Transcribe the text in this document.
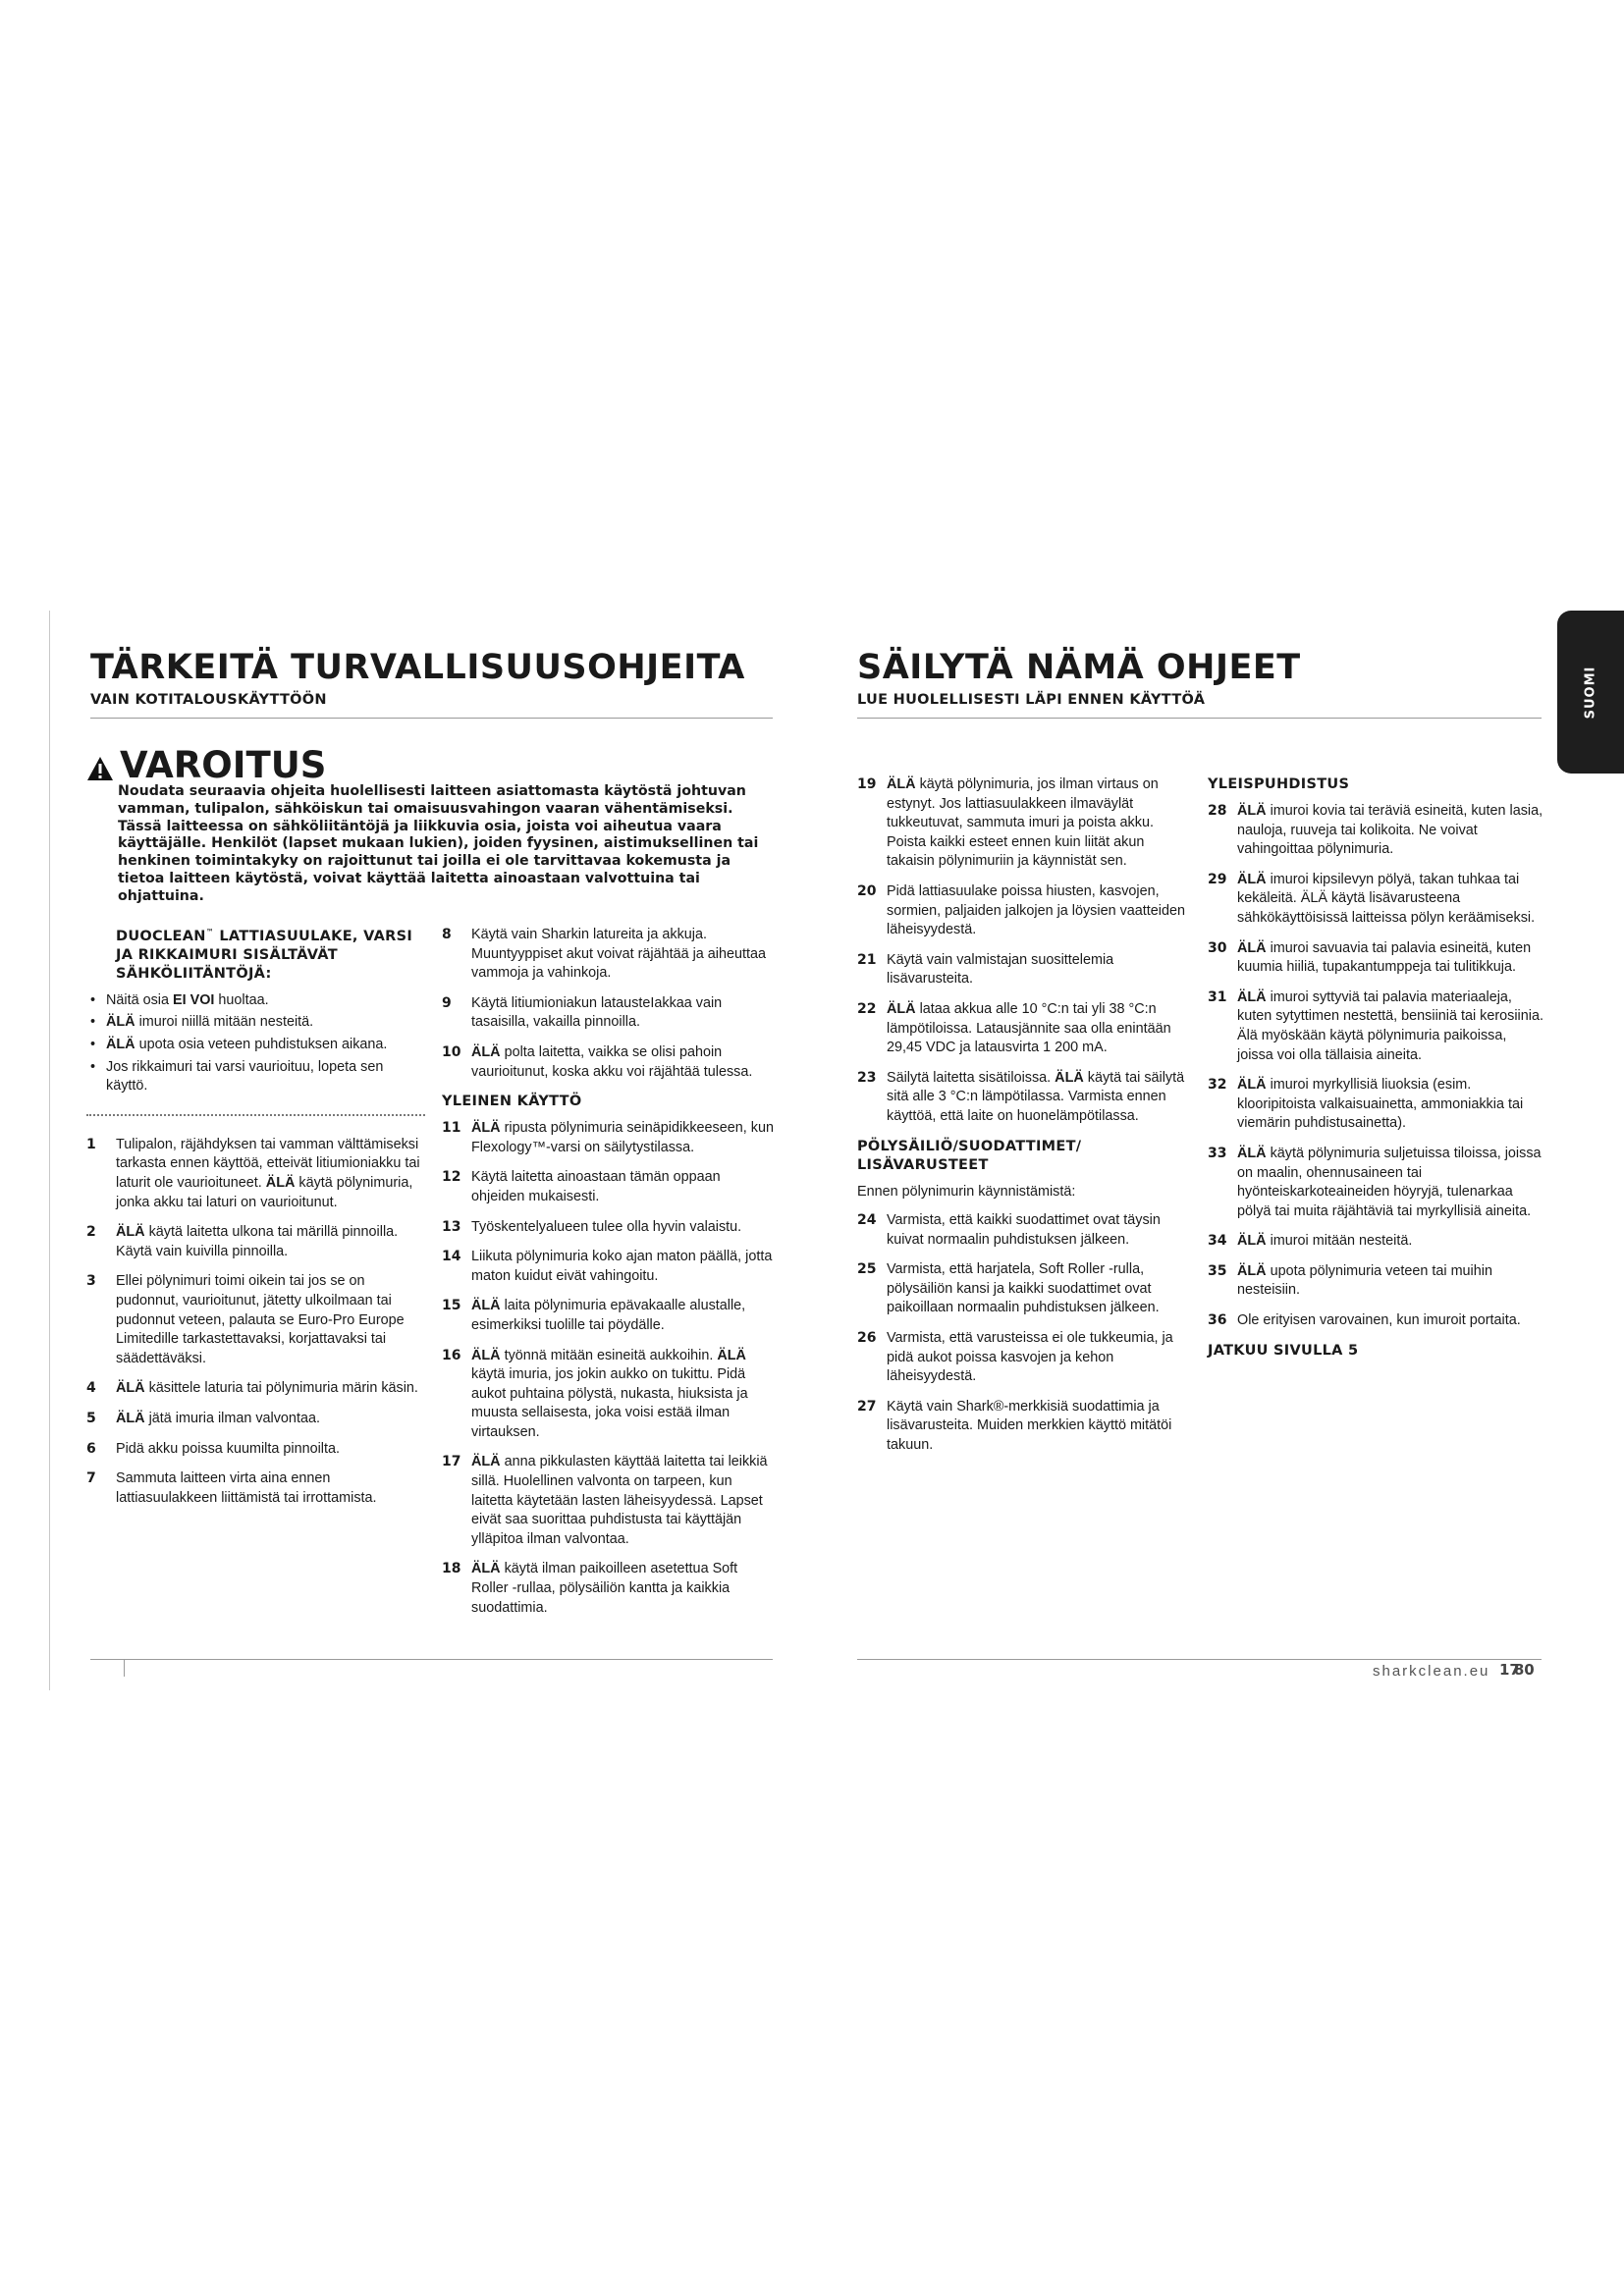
SUOMI
TÄRKEITÄ TURVALLISUUSOHJEITA
VAIN KOTITALOUSKÄYTTÖÖN
SÄILYTÄ NÄMÄ OHJEET
LUE HUOLELLISESTI LÄPI ENNEN KÄYTTÖÄ
VAROITUS
Noudata seuraavia ohjeita huolellisesti laitteen asiattomasta käytöstä johtuvan vamman, tulipalon, sähköiskun tai omaisuusvahingon vaaran vähentämiseksi. Tässä laitteessa on sähköliitäntöjä ja liikkuvia osia, joista voi aiheutua vaara käyttäjälle. Henkilöt (lapset mukaan lukien), joiden fyysinen, aistimuksellinen tai henkinen toimintakyky on rajoittunut tai joilla ei ole tarvittavaa kokemusta ja tietoa laitteen käytöstä, voivat käyttää laitetta ainoastaan valvottuina tai ohjattuina.
DUOCLEAN™ LATTIASUULAKE, VARSI JA RIKKAIMURI SISÄLTÄVÄT SÄHKÖLIITÄNTÖJÄ:
• Näitä osia EI VOI huoltaa.
• ÄLÄ imuroi niillä mitään nesteitä.
• ÄLÄ upota osia veteen puhdistuksen aikana.
• Jos rikkaimuri tai varsi vaurioituu, lopeta sen käyttö.
1 Tulipalon, räjähdyksen tai vamman välttämiseksi tarkasta ennen käyttöä, etteivät litiumioniakku tai laturit ole vaurioituneet. ÄLÄ käytä pölynimuria, jonka akku tai laturi on vaurioitunut.
2 ÄLÄ käytä laitetta ulkona tai märillä pinnoilla. Käytä vain kuivilla pinnoilla.
3 Ellei pölynimuri toimi oikein tai jos se on pudonnut, vaurioitunut, jätetty ulkoilmaan tai pudonnut veteen, palauta se Euro-Pro Europe Limitedille tarkastettavaksi, korjattavaksi tai säädettäväksi.
4 ÄLÄ käsittele laturia tai pölynimuria märin käsin.
5 ÄLÄ jätä imuria ilman valvontaa.
6 Pidä akku poissa kuumilta pinnoilta.
7 Sammuta laitteen virta aina ennen lattiasuulakkeen liittämistä tai irrottamista.
8 Käytä vain Sharkin latureita ja akkuja. Muuntyyppiset akut voivat räjähtää ja aiheuttaa vammoja ja vahinkoja.
9 Käytä litiumioniakun latausteIakkaa vain tasaisilla, vakailla pinnoilla.
10 ÄLÄ polta laitetta, vaikka se olisi pahoin vaurioitunut, koska akku voi räjähtää tulessa.
YLEINEN KÄYTTÖ
11 ÄLÄ ripusta pölynimuria seinäpidikkeeseen, kun Flexology™-varsi on säilytystilassa.
12 Käytä laitetta ainoastaan tämän oppaan ohjeiden mukaisesti.
13 Työskentelyalueen tulee olla hyvin valaistu.
14 Liikuta pölynimuria koko ajan maton päällä, jotta maton kuidut eivät vahingoitu.
15 ÄLÄ laita pölynimuria epävakaalle alustalle, esimerkiksi tuolille tai pöydälle.
16 ÄLÄ työnnä mitään esineitä aukkoihin. ÄLÄ käytä imuria, jos jokin aukko on tukittu. Pidä aukot puhtaina pölystä, nukasta, hiuksista ja muusta sellaisesta, joka voisi estää ilman virtauksen.
17 ÄLÄ anna pikkulasten käyttää laitetta tai leikkiä sillä. Huolellinen valvonta on tarpeen, kun laitetta käytetään lasten läheisyydessä. Lapset eivät saa suorittaa puhdistusta tai käyttäjän ylläpitoa ilman valvontaa.
18 ÄLÄ käytä ilman paikoilleen asetettua Soft Roller -rullaa, pölysäiliön kantta ja kaikkia suodattimia.
19 ÄLÄ käytä pölynimuria, jos ilman virtaus on estynyt. Jos lattiasuulakkeen ilmaväylät tukkeutuvat, sammuta imuri ja poista akku. Poista kaikki esteet ennen kuin liität akun takaisin pölynimuriin ja käynnistät sen.
20 Pidä lattiasuulake poissa hiusten, kasvojen, sormien, paljaiden jalkojen ja löysien vaatteiden läheisyydestä.
21 Käytä vain valmistajan suosittelemia lisävarusteita.
22 ÄLÄ lataa akkua alle 10 °C:n tai yli 38 °C:n lämpötiloissa. Latausjännite saa olla enintään 29,45 VDC ja latausvirta 1 200 mA.
23 Säilytä laitetta sisätiloissa. ÄLÄ käytä tai säilytä sitä alle 3 °C:n lämpötilassa. Varmista ennen käyttöä, että laite on huonelämpötilassa.
PÖLYSÄILIÖ/SUODATTIMET/ LISÄVARUSTEET
Ennen pölynimurin käynnistämistä:
24 Varmista, että kaikki suodattimet ovat täysin kuivat normaalin puhdistuksen jälkeen.
25 Varmista, että harjatela, Soft Roller -rulla, pölysäiliön kansi ja kaikki suodattimet ovat paikoillaan normaalin puhdistuksen jälkeen.
26 Varmista, että varusteissa ei ole tukkeumia, ja pidä aukot poissa kasvojen ja kehon läheisyydestä.
27 Käytä vain Shark®-merkkisiä suodattimia ja lisävarusteita. Muiden merkkien käyttö mitätöi takuun.
YLEISPUHDISTUS
28 ÄLÄ imuroi kovia tai teräviä esineitä, kuten lasia, nauloja, ruuveja tai kolikoita. Ne voivat vahingoittaa pölynimuria.
29 ÄLÄ imuroi kipsilevyn pölyä, takan tuhkaa tai kekäleitä. ÄLÄ käytä lisävarusteena sähkökäyttöisissä laitteissa pölyn keräämiseksi.
30 ÄLÄ imuroi savuavia tai palavia esineitä, kuten kuumia hiiliä, tupakantumppeja tai tulitikkuja.
31 ÄLÄ imuroi syttyviä tai palavia materiaaleja, kuten sytyttimen nestettä, bensiiniä tai kerosiinia. Älä myöskään käytä pölynimuria paikoissa, joissa voi olla tällaisia aineita.
32 ÄLÄ imuroi myrkyllisiä liuoksia (esim. klooripitoista valkaisuainetta, ammoniakkia tai viemärin puhdistusainetta).
33 ÄLÄ käytä pölynimuria suljetuissa tiloissa, joissa on maalin, ohennusaineen tai hyönteiskarkoteaineiden höyryjä, tulenarkaa pölyä tai muita räjähtäviä tai myrkyllisiä aineita.
34 ÄLÄ imuroi mitään nesteitä.
35 ÄLÄ upota pölynimuria veteen tai muihin nesteisiin.
36 Ole erityisen varovainen, kun imuroit portaita.
JATKUU SIVULLA 5
sharkclean.eu 1780
